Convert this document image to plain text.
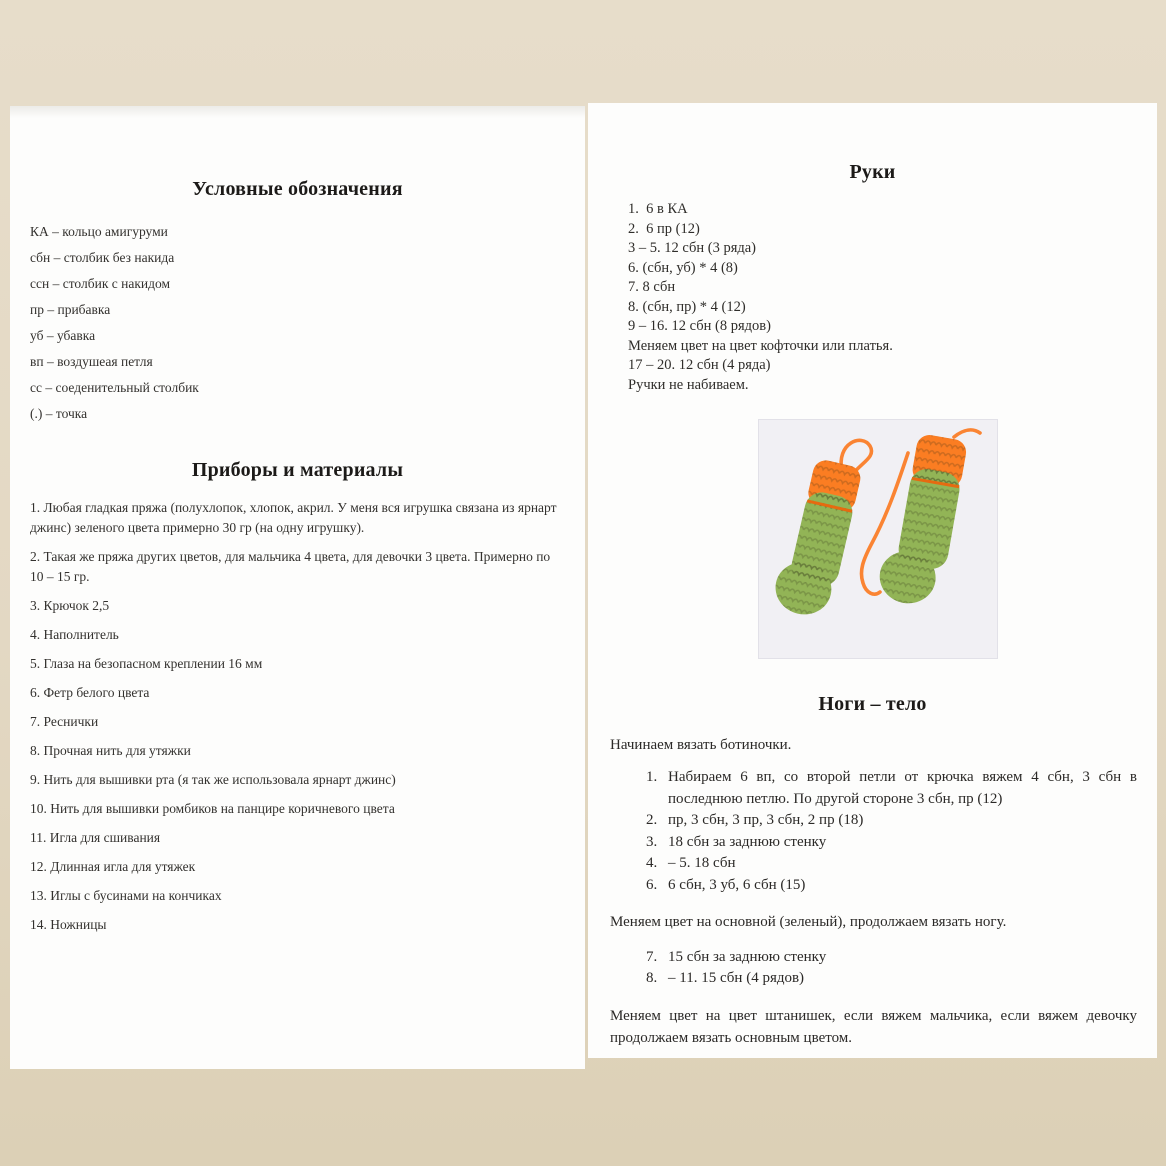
Условные обозначения

КА – кольцо амигуруми

сбн – столбик без накида

ссн – столбик с накидом

пр – прибавка

уб – убавка

вп – воздушеая петля

сс – соеденительный столбик

(.) – точка

Приборы и материалы

1. Любая гладкая пряжа (полухлопок, хлопок, акрил. У меня вся игрушка связана из ярнарт джинс) зеленого цвета примерно 30 гр (на одну игрушку).

2. Такая же пряжа других цветов, для мальчика 4 цвета, для девочки 3 цвета. Примерно по 10 – 15 гр.

3. Крючок 2,5

4. Наполнитель

5. Глаза на безопасном креплении 16 мм

6. Фетр белого цвета

7. Реснички

8. Прочная нить для утяжки

9. Нить для вышивки рта (я так же использовала ярнарт джинс)

10. Нить для вышивки ромбиков на панцире коричневого цвета

11. Игла для сшивания

12. Длинная игла для утяжек

13. Иглы с бусинами на кончиках

14. Ножницы

Руки

1.  6 в КА

2.  6 пр (12)

3 – 5. 12 сбн (3 ряда)

6. (сбн, уб) * 4 (8)

7. 8 сбн

8. (сбн, пр) * 4 (12)

9 – 16. 12 сбн (8 рядов)

Меняем цвет на цвет кофточки или платья.

17 – 20. 12 сбн (4 ряда)

Ручки не набиваем.

Ноги – тело

Начинаем вязать ботиночки.

1. Набираем 6 вп, со второй петли от крючка вяжем 4 сбн, 3 сбн в последнюю петлю. По другой стороне 3 сбн, пр (12)
2. пр, 3 сбн, 3 пр, 3 сбн, 2 пр (18)
3. 18 сбн за заднюю стенку
4. – 5. 18 сбн
6. 6 сбн, 3 уб, 6 сбн (15)

Меняем цвет на основной (зеленый), продолжаем вязать ногу.

7. 15 сбн за заднюю стенку
8. – 11. 15 сбн (4 рядов)

Меняем цвет на цвет штанишек, если вяжем мальчика, если вяжем девочку продолжаем вязать основным цветом.
